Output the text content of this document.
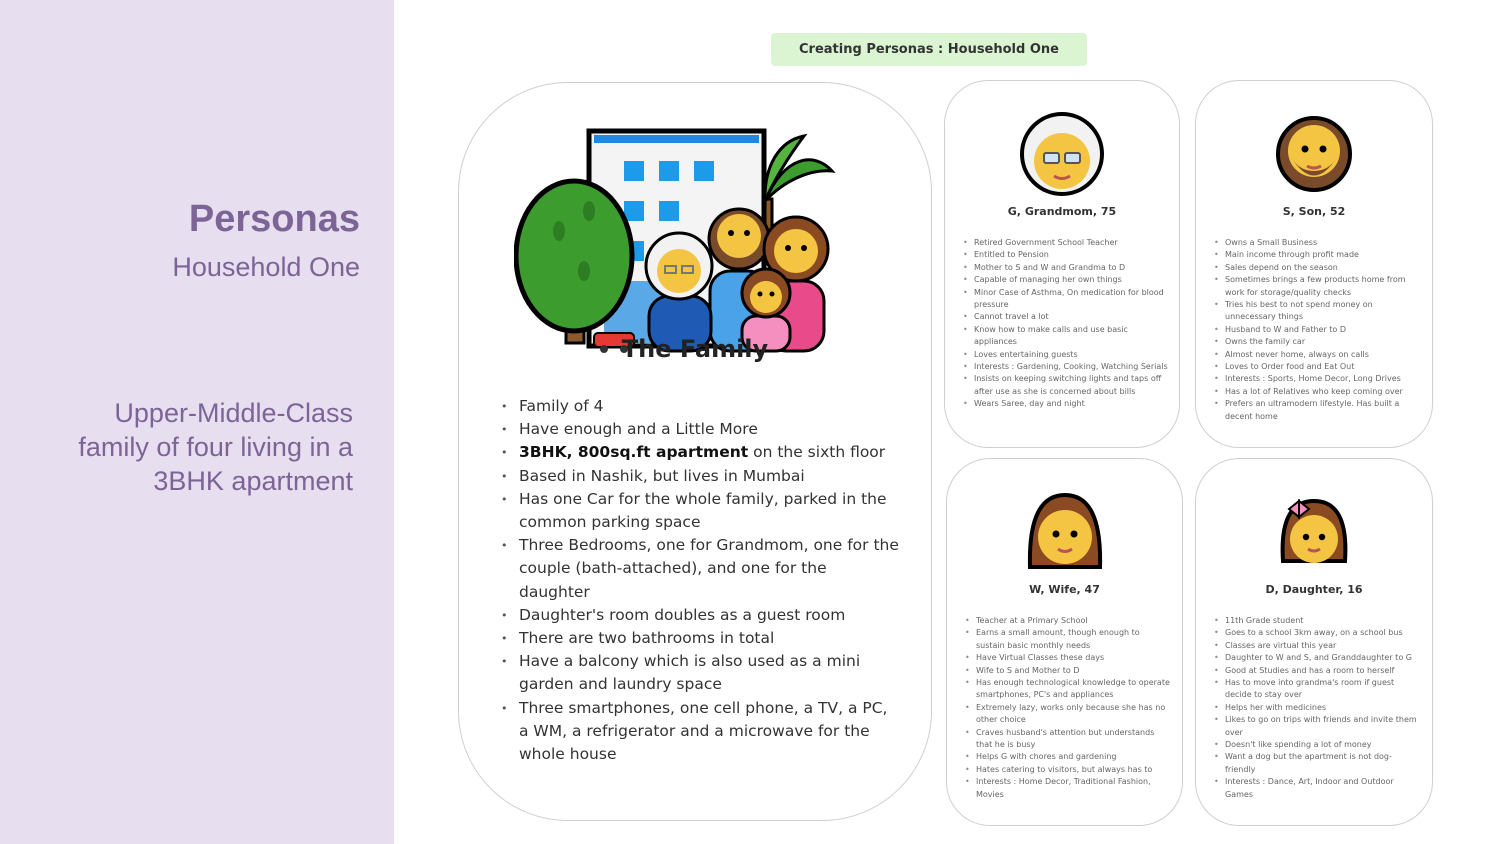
Personas
Household One
Upper-Middle-Class
family of four living in a
3BHK apartment
Creating Personas : Household One
The Family
• Family of 4
• Have enough and a Little More
• 3BHK, 800sq.ft apartment on the sixth floor
• Based in Nashik, but lives in Mumbai
• Has one Car for the whole family, parked in the common parking space
• Three Bedrooms, one for Grandmom, one for the couple (bath-attached), and one for the daughter
• Daughter's room doubles as a guest room
• There are two bathrooms in total
• Have a balcony which is also used as a mini garden and laundry space
• Three smartphones, one cell phone, a TV, a PC, a WM, a refrigerator and a microwave for the whole house
G, Grandmom, 75
• Retired Government School Teacher
• Entitled to Pension
• Mother to S and W and Grandma to D
• Capable of managing her own things
• Minor Case of Asthma, On medication for blood pressure
• Cannot travel a lot
• Know how to make calls and use basic appliances
• Loves entertaining guests
• Interests : Gardening, Cooking, Watching Serials
• Insists on keeping switching lights and taps off after use as she is concerned about bills
• Wears Saree, day and night
S, Son, 52
• Owns a Small Business
• Main income through profit made
• Sales depend on the season
• Sometimes brings a few products home from work for storage/quality checks
• Tries his best to not spend money on unnecessary things
• Husband to W and Father to D
• Owns the family car
• Almost never home, always on calls
• Loves to Order food and Eat Out
• Interests : Sports, Home Decor, Long Drives
• Has a lot of Relatives who keep coming over
• Prefers an ultramodern lifestyle. Has built a decent home
W, Wife, 47
• Teacher at a Primary School
• Earns a small amount, though enough to sustain basic monthly needs
• Have Virtual Classes these days
• Wife to S and Mother to D
• Has enough technological knowledge to operate smartphones, PC's and appliances
• Extremely lazy, works only because she has no other choice
• Craves husband's attention but understands that he is busy
• Helps G with chores and gardening
• Hates catering to visitors, but always has to
• Interests : Home Decor, Traditional Fashion, Movies
D, Daughter, 16
• 11th Grade student
• Goes to a school 3km away, on a school bus
• Classes are virtual this year
• Daughter to W and S, and Granddaughter to G
• Good at Studies and has a room to herself
• Has to move into grandma's room if guest decide to stay over
• Helps her with medicines
• Likes to go on trips with friends and invite them over
• Doesn't like spending a lot of money
• Want a dog but the apartment is not dog-friendly
• Interests : Dance, Art, Indoor and Outdoor Games
